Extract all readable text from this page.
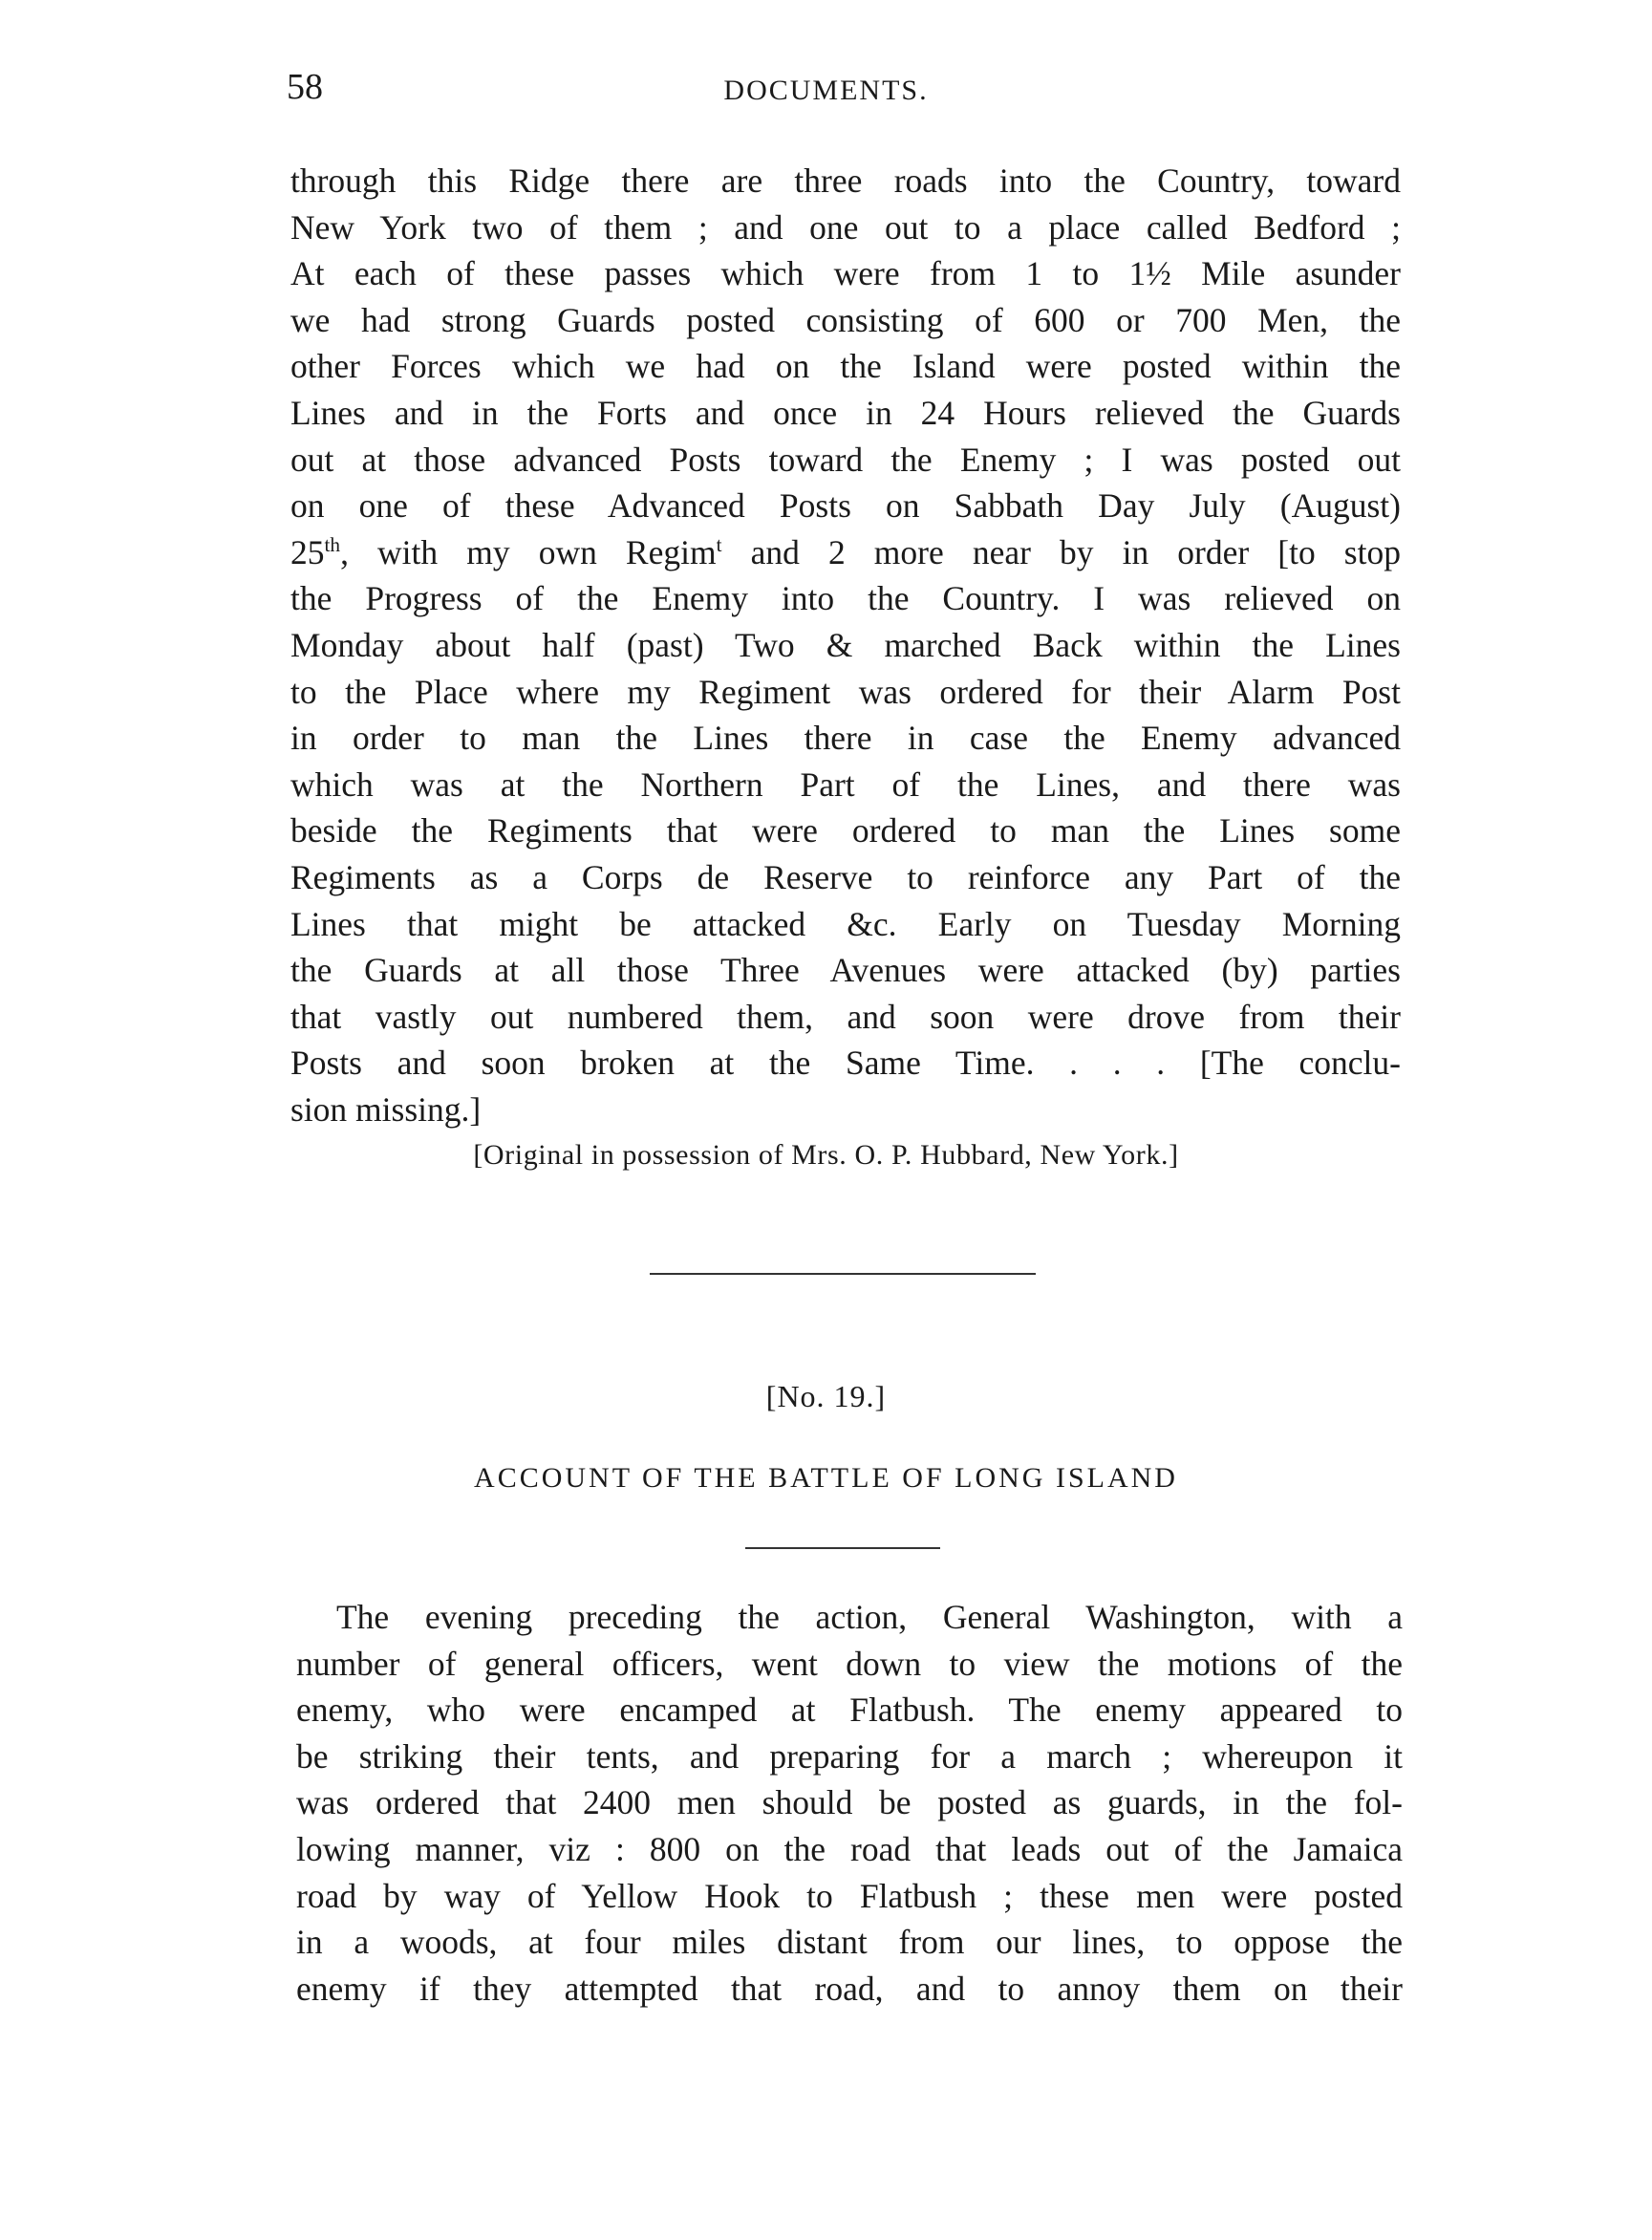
58	DOCUMENTS.
through this Ridge there are three roads into the Country, toward
New York two of them ; and one out to a place called Bedford ;
At each of these passes which were from 1 to 1½ Mile asunder
we had strong Guards posted consisting of 600 or 700 Men, the
other Forces which we had on the Island were posted within the
Lines and in the Forts and once in 24 Hours relieved the Guards
out at those advanced Posts toward the Enemy ; I was posted out
on one of these Advanced Posts on Sabbath Day July (August)
25th, with my own Regim$^t$ and 2 more near by in order [to stop
the Progress of the Enemy into the Country. I was relieved on
Monday about half (past) Two & marched Back within the Lines
to the Place where my Regiment was ordered for their Alarm Post
in order to man the Lines there in case the Enemy advanced
which was at the Northern Part of the Lines, and there was
beside the Regiments that were ordered to man the Lines some
Regiments as a Corps de Reserve to reinforce any Part of the
Lines that might be attacked &c. Early on Tuesday Morning
the Guards at all those Three Avenues were attacked (by) parties
that vastly out numbered them, and soon were drove from their
Posts and soon broken at the Same Time. . . . [The conclu-
sion missing.]
[Original in possession of Mrs. O. P. Hubbard, New York.]
[No. 19.]
ACCOUNT OF THE BATTLE OF LONG ISLAND
The evening preceding the action, General Washington, with a
number of general officers, went down to view the motions of the
enemy, who were encamped at Flatbush. The enemy appeared to
be striking their tents, and preparing for a march ; whereupon it
was ordered that 2400 men should be posted as guards, in the fol-
lowing manner, viz : 800 on the road that leads out of the Jamaica
road by way of Yellow Hook to Flatbush ; these men were posted
in a woods, at four miles distant from our lines, to oppose the
enemy if they attempted that road, and to annoy them on their
